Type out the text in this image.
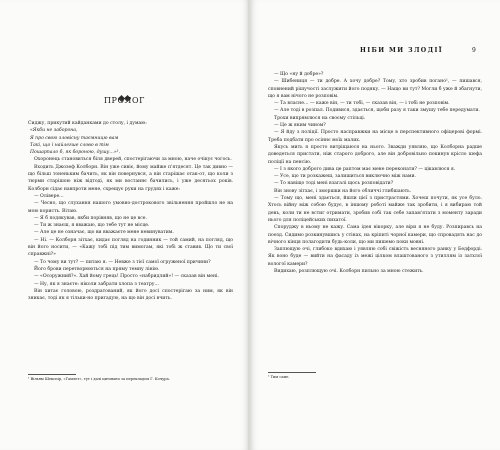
ПРОЛОГ

Сиджу, прикутий кайданками до столу, і думаю:

«Якби не заборона,

Я про свою зловісну таємницю вам

Такі, що і найлегше слово в тім

Пошарпало б, як бороною, душу…»¹.

Охоронець становиться біля дверей, спостерігаючи за мною, наче очікує чогось.

Входить Джозеф Колборн. Він уже сивіє, йому майже п'ятдесят. Це так дивно — що більш тоненьким бачить, як він повернувся, а він старішає отак-от, що коли з тюрми старішою ніж відтоді, як ми востаннє бачились, і уже десятьох років. Колборн сідає навпроти мене, схрещує руки на грудях і каже:

— Олівере…

— Чесно, що слухання нашого умовно-дострокового звільнення пройшло не на мою користь. Вітаю.

— Я б подякував, якби порівняв, що не це все.

— Ти ж знаєш, я вважаю, що тебе тут не місце.

— Але це не означає, що ви вважаєте мене невинуватим.

— Ні. — Колборн зітхає, кидає погляд на годинник — той самий, на погляд, що він його носити, — «Кажу тобі під тим вимогам, які тобі ж ставив. Що ти свої справжні?»

— То чому ви тут? — питаю я. — Невже з тієї самої огруженої причини?

Його брови перетворюються на пряму темну лінію.

— «Осоружний?». Хай йому грець! Просто «набридлий»! — сказав він мені.

— Ну, як я знаєте: ніколи забрати хлопа з театру...

Він хитає головою, роздратований, як його досі спостерігаю за ним, як він зникає, тоді як я тільки-но пригадую, на що він досі вчить.

¹ Вільям Шекспір, «Гамлет», тут і далі цитовано за перекладом Г. Кочура.
НІБИ МИ ЗЛОДІЇ	9

— Що «ну й добре»?

— Шибениця — ти добре. А хочу добре? Тому, хто зробив погано¹, — пишався, сповнений рішучості заслужити його подяку. — Нащо ви тут? Могли б уже й збагнути, що я вам нічого не розповім.

— Та власне… — каже він, — ти тобі, — сказав він, — і тобі не розповім.

— Але тоді в розпал. Подивися, здається, щоби разу я таки змушу тебе передумати.

Трохи випрямлюся на своєму стільці.

— Це ж яким чином?

— Я йду з поліції. Просто насправжки на місце в перспективного офіцерові формі. Треба подбати про осіннє моїх малих.

Якусь мить я просто витріщаюся на нього. Зважди уявляю, що Колборна радше доведеться пристати, ніж старого доброго, але він добровільно покинув крісло шефа поліції на пенсію.

— І з якого доброго дива це раптом має мене переконати? — цікавлюся я.

— Усе, що ти розкажеш, залишиться виключно між нами.

— То навіщо тоді мені взагалі щось розповідати?

Він знову зітхає, і зморшки на його обличчі глибшають.

— Тому що, мені здається, йшли цієї з пристрастями. Хочеш почути, як усе було. Хтось війну між собою будує, в іншому роботі майже так зробити, і я вибираю той день, коли ти не встиг отримати, зробив собі так себе запам'ятати з моменту заради нього для поліцейських пихатої.

Споруджу в ньому не кажу. Сама ідея вікорку, але віри я не буду. Розпиравсь на поезд. Сидимо розкинувшись у стінах, на кріпиті чорної камери, що спровадять нас до вічного кінця полагодити будь-коли, що ми пишемо поки мовні.

Заплющую очі, глибоко вдихаю і уявляю собі свіжість весняного ранку у Бедфорді. Як воно буде — вийти на фасаду із межі цілком влаштованого з утиллям із затхлої вологої камери?

Видихаю, розплющую очі. Колборн пильно за мною стежить.

¹ Тим саме.
